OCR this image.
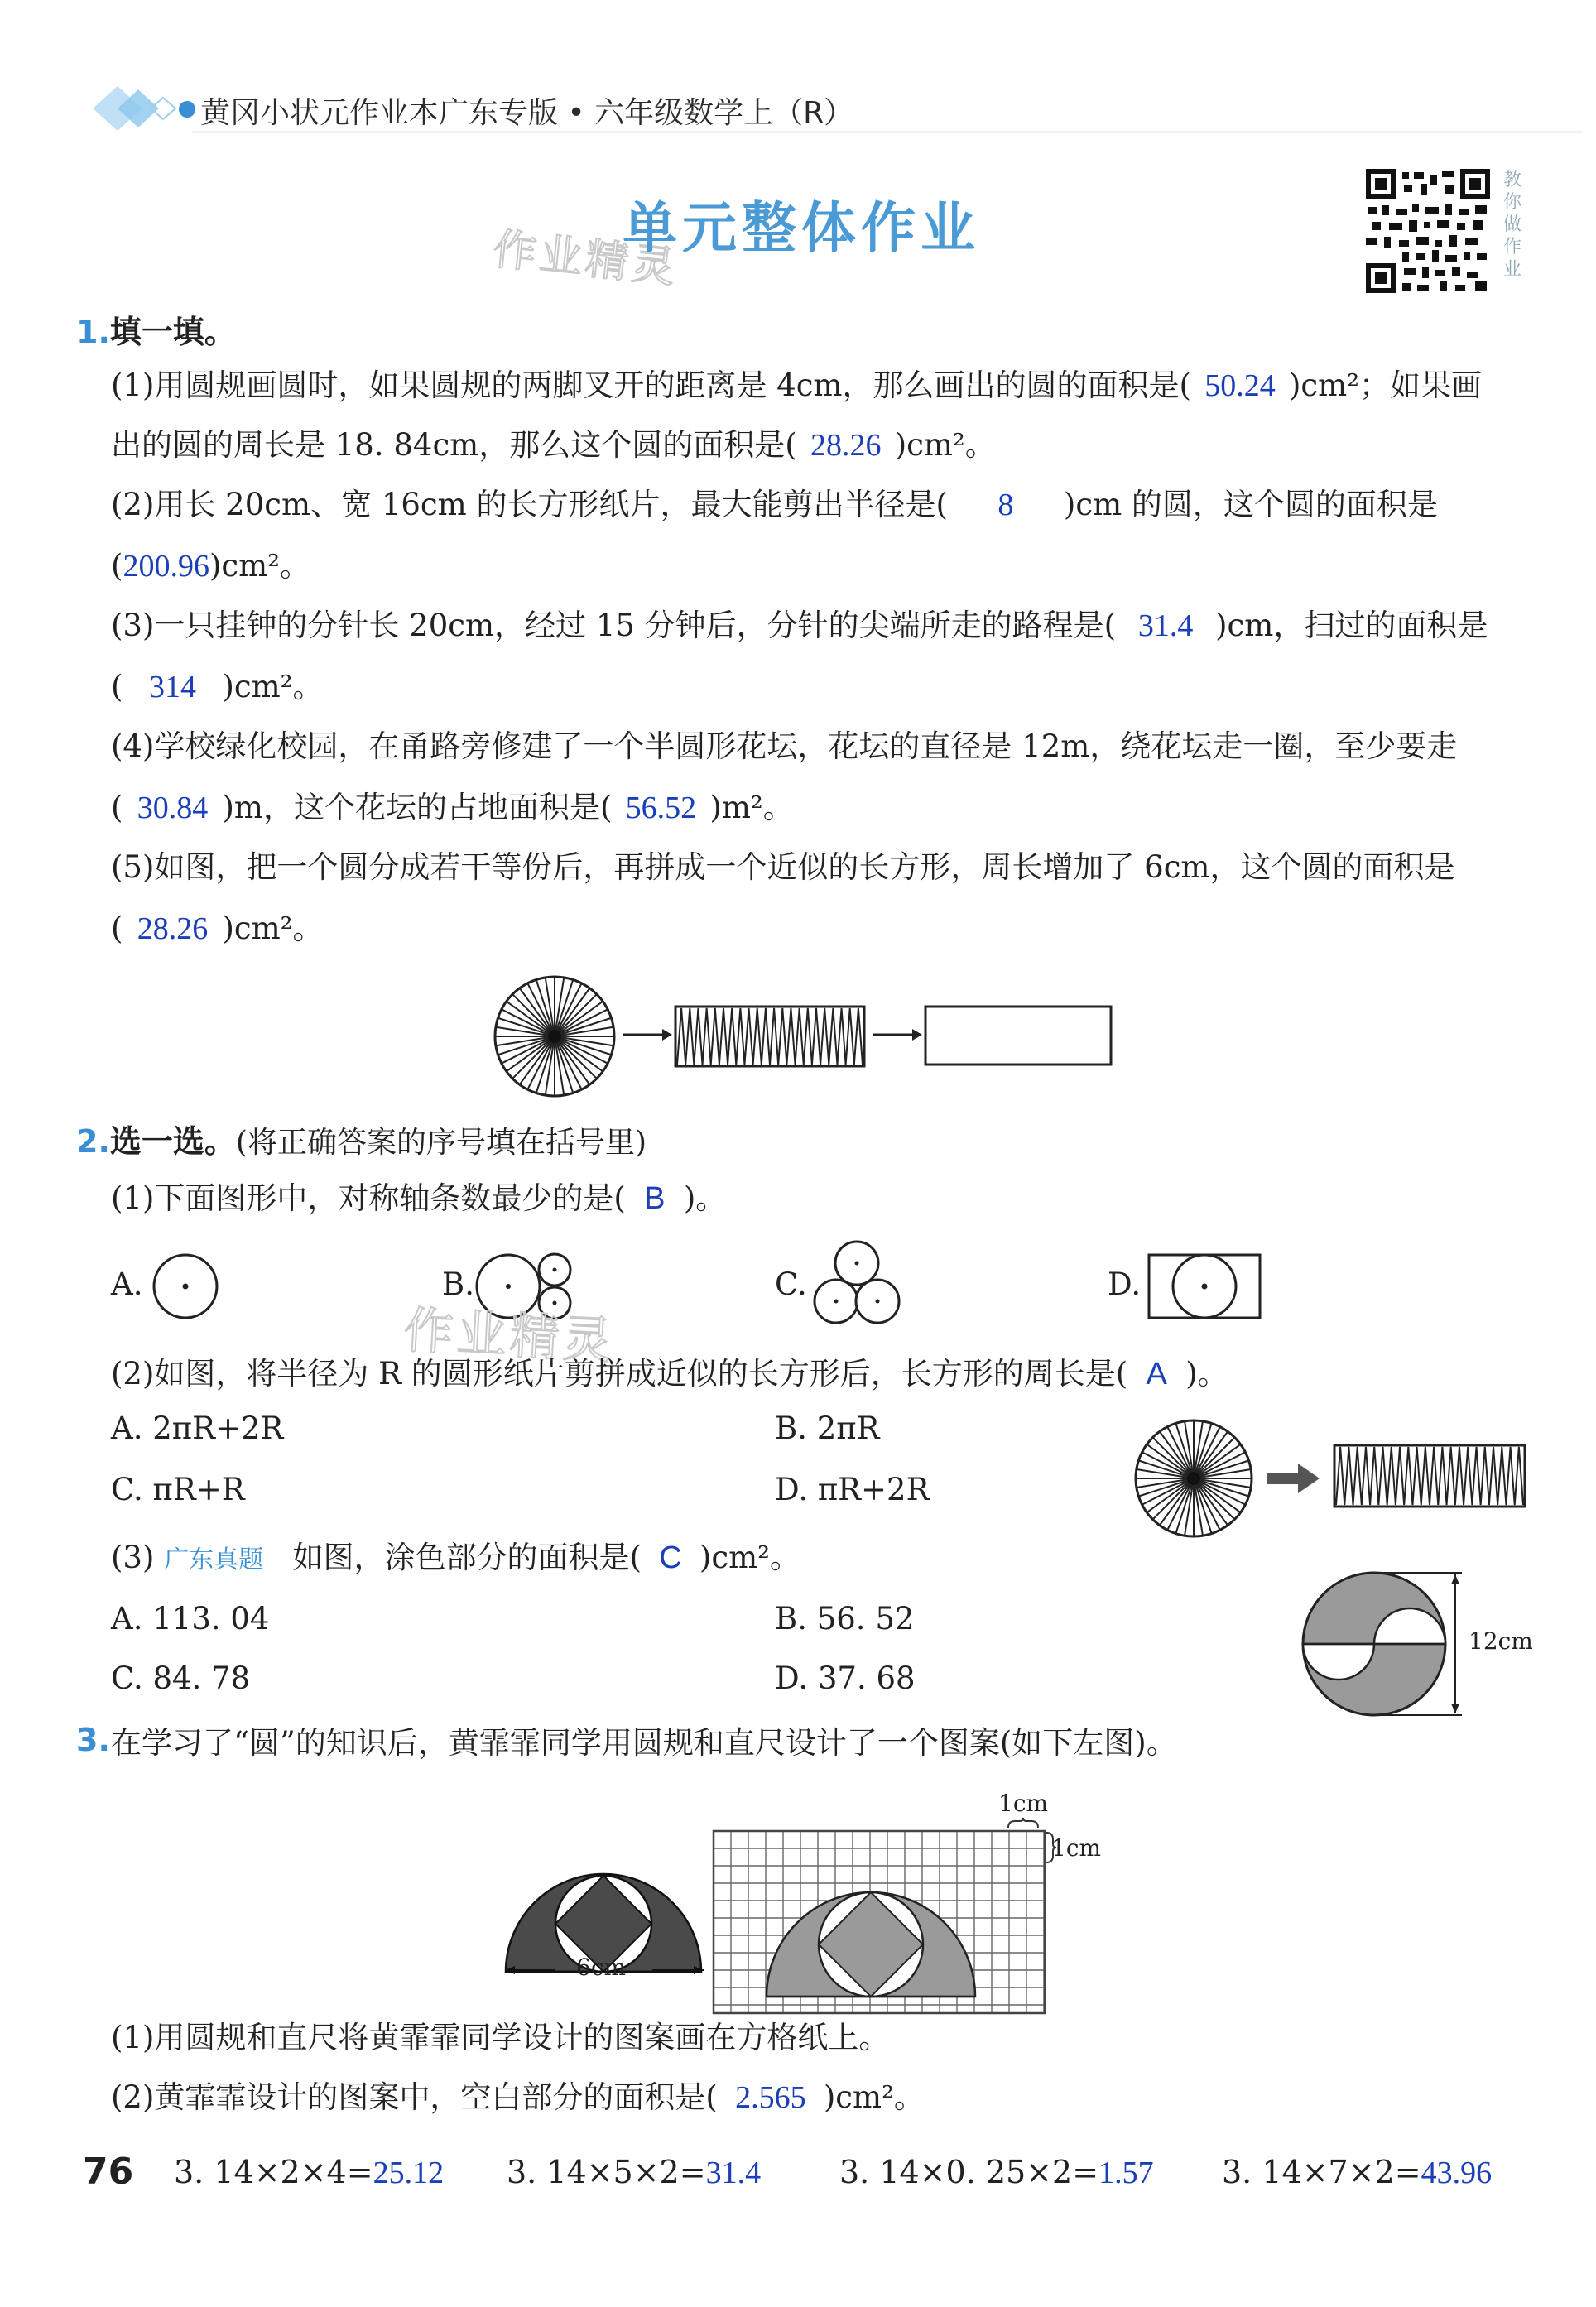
黄冈小状元作业本广东专版 • 六年级数学上（R）
作业精灵
单元整体作业
教你做作业
1.填一填。
(1)用圆规画圆时，如果圆规的两脚叉开的距离是 4cm，那么画出的圆的面积是( 50.24 )cm²；如果画
出的圆的周长是 18. 84cm，那么这个圆的面积是( 28.26 )cm²。
(2)用长 20cm、宽 16cm 的长方形纸片，最大能剪出半径是( 8 )cm 的圆，这个圆的面积是
(200.96)cm²。
(3)一只挂钟的分针长 20cm，经过 15 分钟后，分针的尖端所走的路程是( 31.4 )cm，扫过的面积是
( 314 )cm²。
(4)学校绿化校园，在甬路旁修建了一个半圆形花坛，花坛的直径是 12m，绕花坛走一圈，至少要走
( 30.84 )m，这个花坛的占地面积是( 56.52 )m²。
(5)如图，把一个圆分成若干等份后，再拼成一个近似的长方形，周长增加了 6cm，这个圆的面积是
( 28.26 )cm²。
2.选一选。(将正确答案的序号填在括号里)
(1)下面图形中，对称轴条数最少的是( B )。
A.	B.	C.	D.
作业精灵
(2)如图，将半径为 R 的圆形纸片剪拼成近似的长方形后，长方形的周长是( A )。
A. 2πR+2R	B. 2πR
C. πR+R	D. πR+2R
(3) 广东真题 如图，涂色部分的面积是( C )cm²。
A. 113. 04	B. 56. 52
C. 84. 78	D. 37. 68
12cm
3. 在学习了“圆”的知识后，黄霏霏同学用圆规和直尺设计了一个图案(如下左图)。
6cm
1cm
1cm
(1)用圆规和直尺将黄霏霏同学设计的图案画在方格纸上。
(2)黄霏霏设计的图案中，空白部分的面积是( 2.565 )cm²。
76 3. 14×2×4=25.12 3. 14×5×2=31.4 3. 14×0. 25×2=1.57 3. 14×7×2=43.96
